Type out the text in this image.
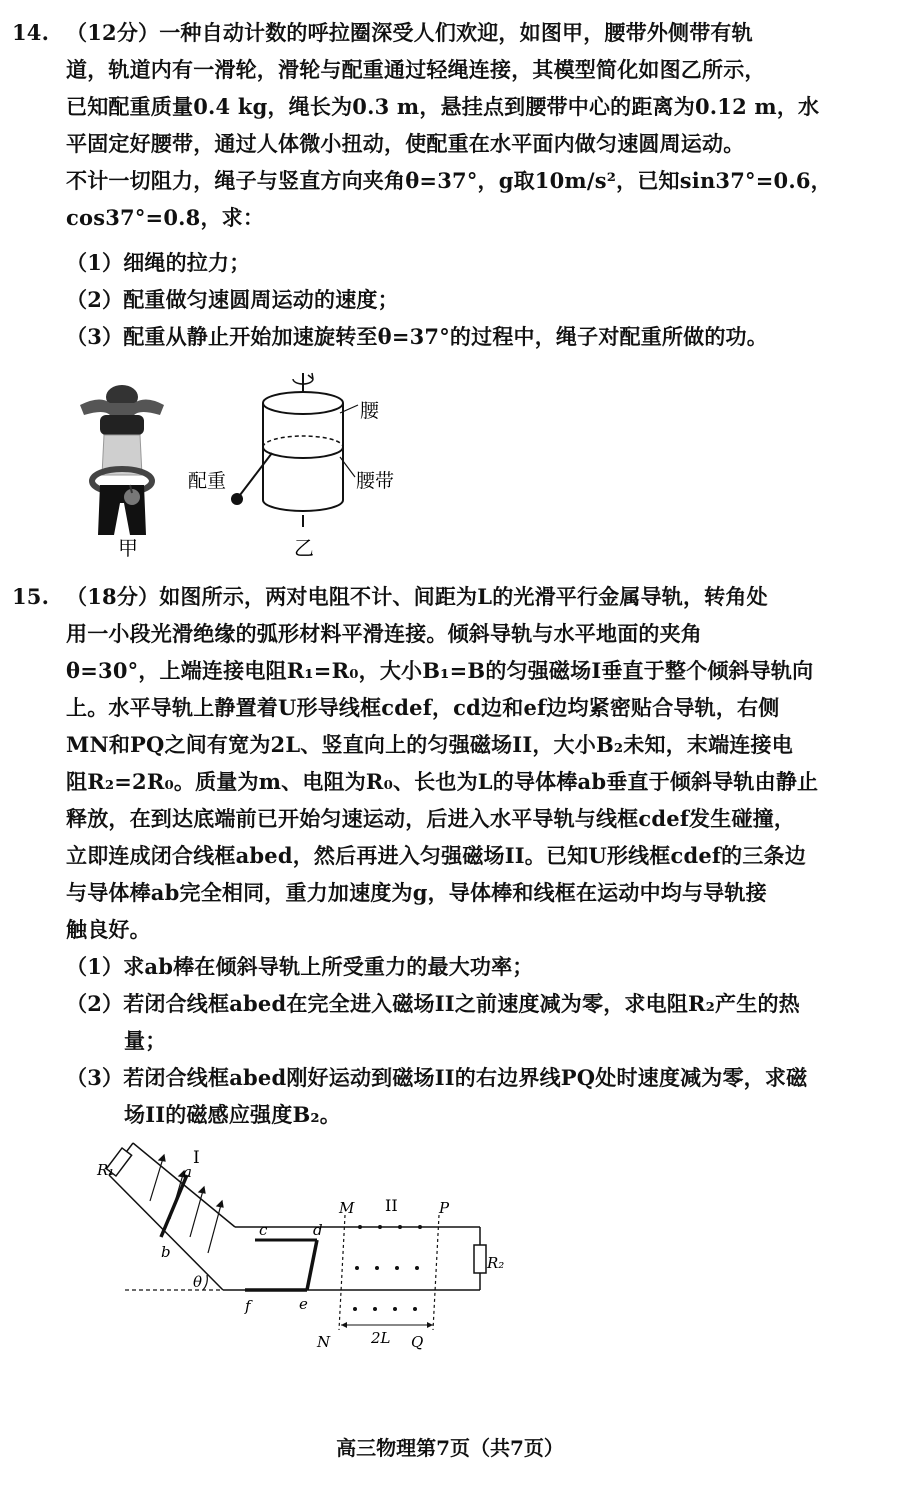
14. （12分）一种自动计数的呼拉圈深受人们欢迎，如图甲，腰带外侧带有轨
道，轨道内有一滑轮，滑轮与配重通过轻绳连接，其模型简化如图乙所示，
已知配重质量0.4 kg，绳长为0.3 m，悬挂点到腰带中心的距离为0.12 m，水
平固定好腰带，通过人体微小扭动，使配重在水平面内做匀速圆周运动。
不计一切阻力，绳子与竖直方向夹角θ=37°，g取10m/s²，已知sin37°=0.6，
cos37°=0.8，求：
（1）细绳的拉力；
（2）配重做匀速圆周运动的速度；
（3）配重从静止开始加速旋转至θ=37°的过程中，绳子对配重所做的功。
甲
腰
腰带
配重
乙
15. （18分）如图所示，两对电阻不计、间距为L的光滑平行金属导轨，转角处
用一小段光滑绝缘的弧形材料平滑连接。倾斜导轨与水平地面的夹角
θ=30°，上端连接电阻R₁=R₀，大小B₁=B的匀强磁场I垂直于整个倾斜导轨向
上。水平导轨上静置着U形导线框cdef，cd边和ef边均紧密贴合导轨，右侧
MN和PQ之间有宽为2L、竖直向上的匀强磁场II，大小B₂未知，末端连接电
阻R₂=2R₀。质量为m、电阻为R₀、长也为L的导体棒ab垂直于倾斜导轨由静止
释放，在到达底端前已开始匀速运动，后进入水平导轨与线框cdef发生碰撞，
立即连成闭合线框abed，然后再进入匀强磁场II。已知U形线框cdef的三条边
与导体棒ab完全相同，重力加速度为g，导体棒和线框在运动中均与导轨接
触良好。
（1）求ab棒在倾斜导轨上所受重力的最大功率；
（2）若闭合线框abed在完全进入磁场II之前速度减为零，求电阻R₂产生的热
量；
（3）若闭合线框abed刚好运动到磁场II的右边界线PQ处时速度减为零，求磁
场II的磁感应强度B₂。
R₁
I
a
b
θ
c	d
e
f
M	P
N	Q
II
2L
R₂
高三物理第7页（共7页）
